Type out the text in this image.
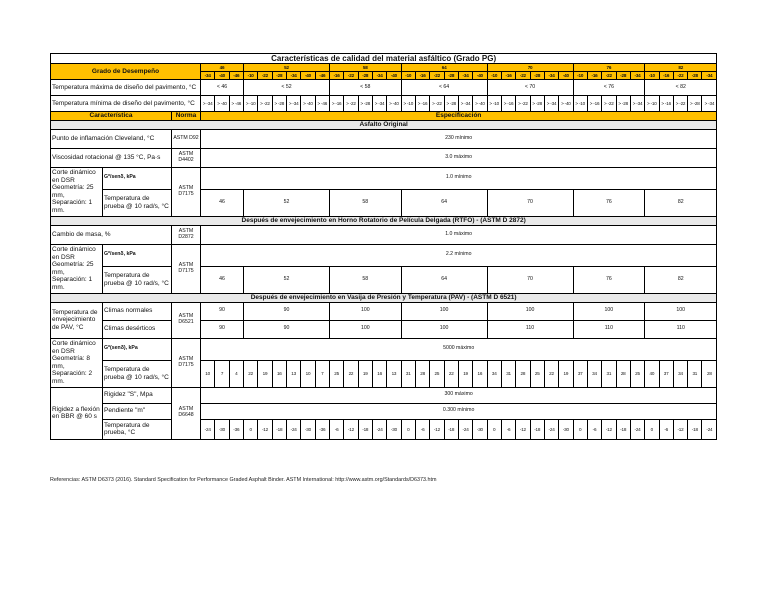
Características de calidad del material asfáltico (Grado PG)																																						
Grado de Desempeño			46			52						58					64						70						76					82				
			-34	-40	-46	-10	-22	-28	-34	-40	-46	-16	-22	-28	-34	-40	-10	-16	-22	-28	-34	-40	-10	-16	-22	-28	-34	-40	-10	-16	-22	-28	-34	-10	-16	-22	-28	-34
Temperatura máxima de diseño del pavimento, °C			< 46			< 52						< 58					< 64						< 70						< 76					< 82				
Temperatura mínima de diseño del pavimento, °C			> -34	> -40	> -46	> -10	> -22	> -28	> -34	> -40	> -46	> -16	> -22	> -28	> -34	> -40	> -10	> -16	> -22	> -28	> -34	> -40	> -10	> -16	> -22	> -28	> -34	> -40	> -10	> -16	> -22	> -28	> -34	> -10	> -16	> -22	> -28	> -34
Característica		Norma	Especificación																																			
Asfalto Original																																						
Punto de inflamación Cleveland, °C		ASTM D92	230 mínimo																																			
Viscosidad rotacional @ 135 °C, Pa·s		ASTM D4402	3.0 máximo																																			
Corte dinámico en DSR Geometría: 25 mm, Separación: 1 mm.	G*/senδ, kPa	ASTM D7175	1.0 mínimo																																			
	Temperatura de prueba @ 10 rad/s, °C		46			52						58					64						70						76					82				
Después de envejecimiento en Horno Rotatorio de Película Delgada (RTFO) - (ASTM D 2872)																																						
Cambio de masa, %		ASTM D2872	1.0 máximo																																			
Corte dinámico en DSR Geometría: 25 mm, Separación: 1 mm.	G*/senδ, kPa	ASTM D7175	2.2 mínimo																																			
	Temperatura de prueba @ 10 rad/s, °C		46			52						58					64						70						76					82				
Después de envejecimiento en Vasija de Presión y Temperatura (PAV) - (ASTM D 6521)																																						
Temperatura de envejecimiento de PAV, °C	Climas normales	ASTM D6521	90			90						100					100						100						100					100				
	Climas desérticos		90			90						100					100						110						110					110				
Corte dinámico en DSR Geometría: 8 mm, Separación: 2 mm.	G*(senδ), kPa	ASTM D7175	5000 máximo																																			
	Temperatura de prueba @ 10 rad/s, °C		10	7	4	22	19	16	13	10	7	25	22	19	16	13	31	28	25	22	19	16	34	31	28	25	22	19	37	34	31	28	25	40	37	34	31	28
Rigidez a flexión en BBR @ 60 s	Rigidez "S", Mpa	ASTM D6648	300 máximo																																			
	Pendiente "m"		0.300 mínimo																																			
	Temperatura de prueba, °C		-24	-30	-36	0	-12	-18	-24	-30	-36	-6	-12	-18	-24	-30	0	-6	-12	-18	-24	-30	0	-6	-12	-18	-24	-30	0	-6	-12	-18	-24	0	-6	-12	-18	-24
Referencias: ASTM D6373 (2016). Standard Specification for Performance Graded Asphalt Binder. ASTM International: http://www.astm.org/Standards/D6373.htm
